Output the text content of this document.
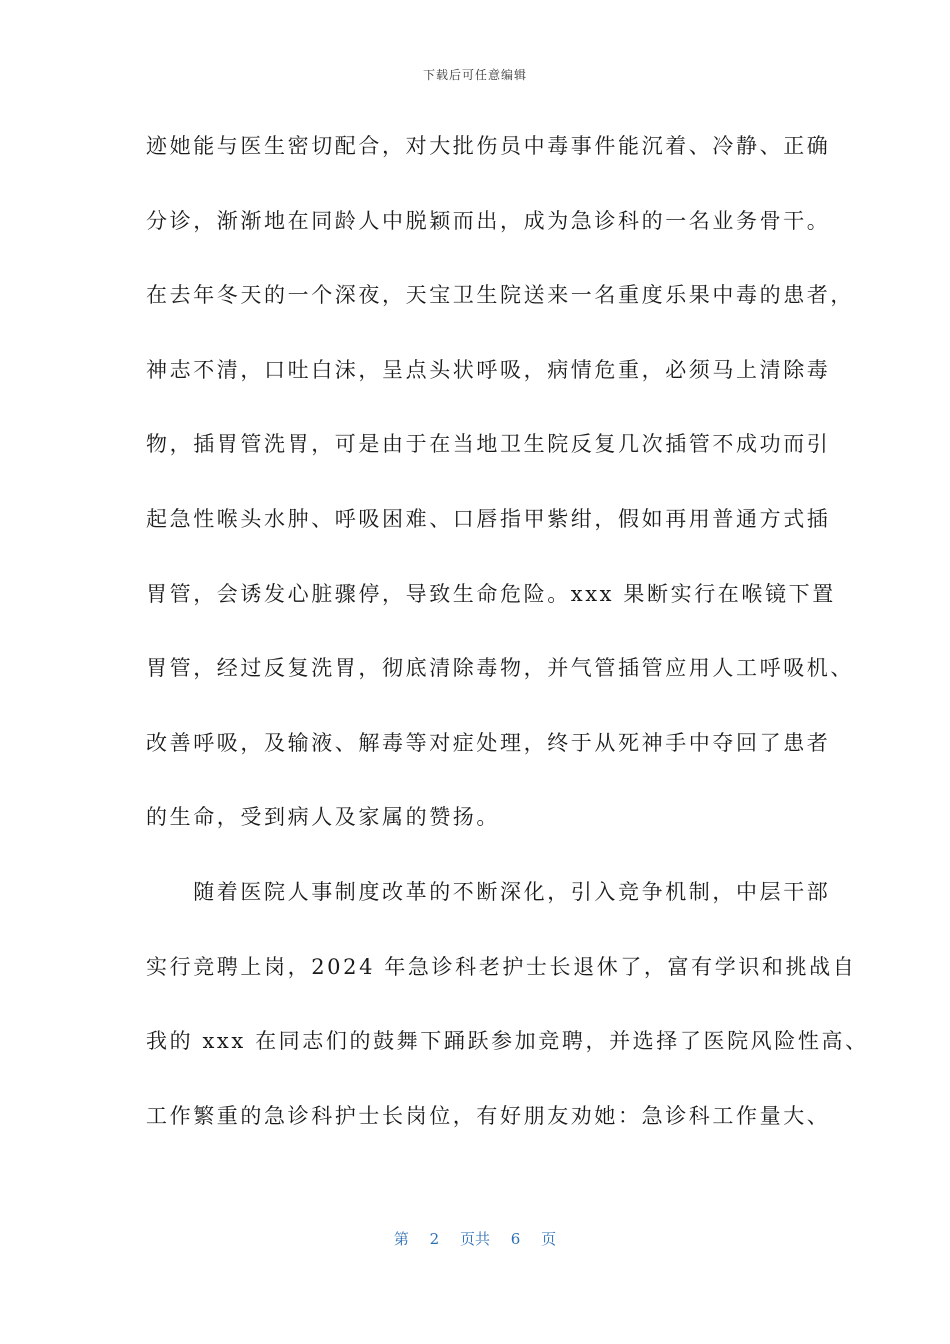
下载后可任意编辑
迹她能与医生密切配合，对大批伤员中毒事件能沉着、冷静、正确
分诊，渐渐地在同龄人中脱颖而出，成为急诊科的一名业务骨干。
在去年冬天的一个深夜，天宝卫生院送来一名重度乐果中毒的患者，
神志不清，口吐白沫，呈点头状呼吸，病情危重，必须马上清除毒
物，插胃管洗胃，可是由于在当地卫生院反复几次插管不成功而引
起急性喉头水肿、呼吸困难、口唇指甲紫绀，假如再用普通方式插
胃管，会诱发心脏骤停，导致生命危险。xxx 果断实行在喉镜下置
胃管，经过反复洗胃，彻底清除毒物，并气管插管应用人工呼吸机、
改善呼吸，及输液、解毒等对症处理，终于从死神手中夺回了患者
的生命，受到病人及家属的赞扬。
　　随着医院人事制度改革的不断深化，引入竞争机制，中层干部
实行竞聘上岗，2024 年急诊科老护士长退休了，富有学识和挑战自
我的 xxx 在同志们的鼓舞下踊跃参加竞聘，并选择了医院风险性高、
工作繁重的急诊科护士长岗位，有好朋友劝她：急诊科工作量大、
第 2 页共 6 页
